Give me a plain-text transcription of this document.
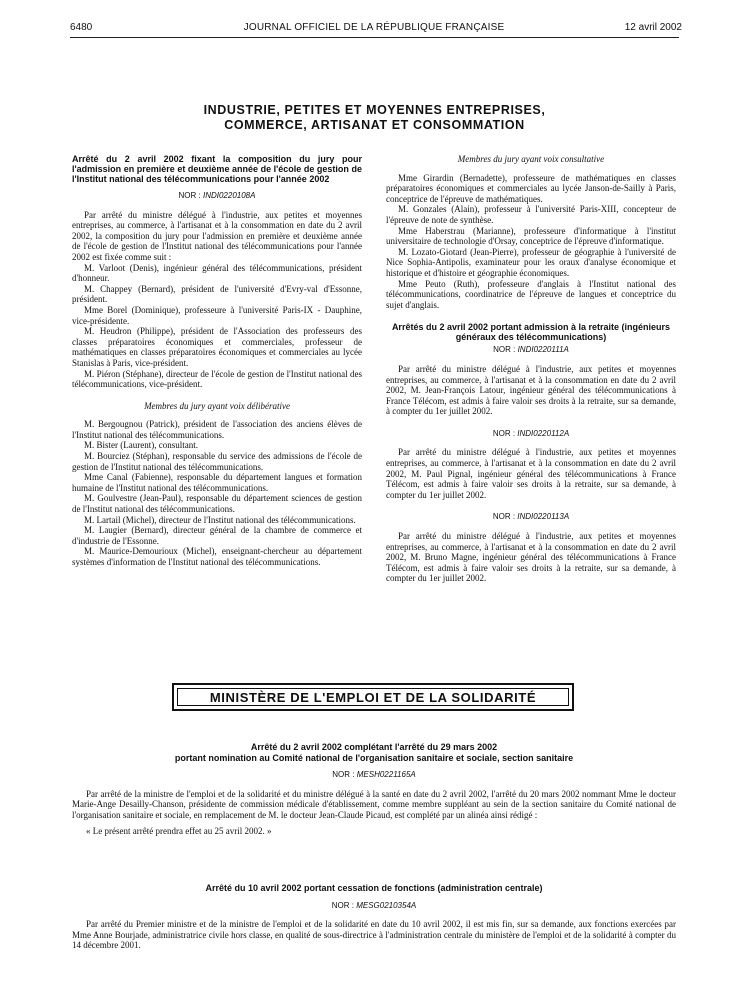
6480	JOURNAL OFFICIEL DE LA RÉPUBLIQUE FRANÇAISE	12 avril 2002
INDUSTRIE, PETITES ET MOYENNES ENTREPRISES,
COMMERCE, ARTISANAT ET CONSOMMATION

Arrêté du 2 avril 2002 fixant la composition du jury pour l'admission en première et deuxième année de l'école de gestion de l'Institut national des télécommunications pour l'année 2002

NOR : INDI0220108A

Par arrêté du ministre délégué à l'industrie, aux petites et moyennes entreprises, au commerce, à l'artisanat et à la consommation en date du 2 avril 2002, la composition du jury pour l'admission en première et deuxième année de l'école de gestion de l'Institut national des télécommunications pour l'année 2002 est fixée comme suit :

M. Varloot (Denis), ingénieur général des télécommunications, président d'honneur.

M. Chappey (Bernard), président de l'université d'Evry-val d'Essonne, président.

Mme Borel (Dominique), professeure à l'université Paris-IX - Dauphine, vice-présidente.

M. Heudron (Philippe), président de l'Association des professeurs des classes préparatoires économiques et commerciales, professeur de mathématiques en classes préparatoires économiques et commerciales au lycée Stanislas à Paris, vice-président.

M. Piéron (Stéphane), directeur de l'école de gestion de l'Institut national des télécommunications, vice-président.

Membres du jury ayant voix délibérative

M. Bergougnou (Patrick), président de l'association des anciens élèves de l'Institut national des télécommunications.

M. Bister (Laurent), consultant.

M. Bourciez (Stéphan), responsable du service des admissions de l'école de gestion de l'Institut national des télécommunications.

Mme Canal (Fabienne), responsable du département langues et formation humaine de l'Institut national des télécommunications.

M. Goulvestre (Jean-Paul), responsable du département sciences de gestion de l'Institut national des télécommunications.

M. Lartail (Michel), directeur de l'Institut national des télécommunications.

M. Laugier (Bernard), directeur général de la chambre de commerce et d'industrie de l'Essonne.

M. Maurice-Demourioux (Michel), enseignant-chercheur au département systèmes d'information de l'Institut national des télécommunications.

Membres du jury ayant voix consultative

Mme Girardin (Bernadette), professeure de mathématiques en classes préparatoires économiques et commerciales au lycée Janson-de-Sailly à Paris, conceptrice de l'épreuve de mathématiques.

M. Gonzales (Alain), professeur à l'université Paris-XIII, concepteur de l'épreuve de note de synthèse.

Mme Haberstrau (Marianne), professeure d'informatique à l'institut universitaire de technologie d'Orsay, conceptrice de l'épreuve d'informatique.

M. Lozato-Giotard (Jean-Pierre), professeur de géographie à l'université de Nice Sophia-Antipolis, examinateur pour les oraux d'analyse économique et historique et d'histoire et géographie économiques.

Mme Peuto (Ruth), professeure d'anglais à l'Institut national des télécommunications, coordinatrice de l'épreuve de langues et conceptrice du sujet d'anglais.

Arrêtés du 2 avril 2002 portant admission à la retraite (ingénieurs généraux des télécommunications)

NOR : INDI0220111A

Par arrêté du ministre délégué à l'industrie, aux petites et moyennes entreprises, au commerce, à l'artisanat et à la consommation en date du 2 avril 2002, M. Jean-François Latour, ingénieur général des télécommunications à France Télécom, est admis à faire valoir ses droits à la retraite, sur sa demande, à compter du 1er juillet 2002.

NOR : INDI0220112A

Par arrêté du ministre délégué à l'industrie, aux petites et moyennes entreprises, au commerce, à l'artisanat et à la consommation en date du 2 avril 2002, M. Paul Pignal, ingénieur général des télécommunications à France Télécom, est admis à faire valoir ses droits à la retraite, sur sa demande, à compter du 1er juillet 2002.

NOR : INDI0220113A

Par arrêté du ministre délégué à l'industrie, aux petites et moyennes entreprises, au commerce, à l'artisanat et à la consommation en date du 2 avril 2002, M. Bruno Magne, ingénieur général des télécommunications à France Télécom, est admis à faire valoir ses droits à la retraite, sur sa demande, à compter du 1er juillet 2002.

MINISTÈRE DE L'EMPLOI ET DE LA SOLIDARITÉ
Arrêté du 2 avril 2002 complétant l'arrêté du 29 mars 2002
portant nomination au Comité national de l'organisation sanitaire et sociale, section sanitaire
NOR : MESH0221165A

Par arrêté de la ministre de l'emploi et de la solidarité et du ministre délégué à la santé en date du 2 avril 2002, l'arrêté du 20 mars 2002 nommant Mme le docteur Marie-Ange Desailly-Chanson, présidente de commission médicale d'établissement, comme membre suppléant au sein de la section sanitaire du Comité national de l'organisation sanitaire et sociale, en remplacement de M. le docteur Jean-Claude Picaud, est complété par un alinéa ainsi rédigé :

« Le présent arrêté prendra effet au 25 avril 2002. »

Arrêté du 10 avril 2002 portant cessation de fonctions (administration centrale)
NOR : MESG0210354A

Par arrêté du Premier ministre et de la ministre de l'emploi et de la solidarité en date du 10 avril 2002, il est mis fin, sur sa demande, aux fonctions exercées par Mme Anne Bourjade, administratrice civile hors classe, en qualité de sous-directrice à l'administration centrale du ministère de l'emploi et de la solidarité à compter du 14 décembre 2001.
